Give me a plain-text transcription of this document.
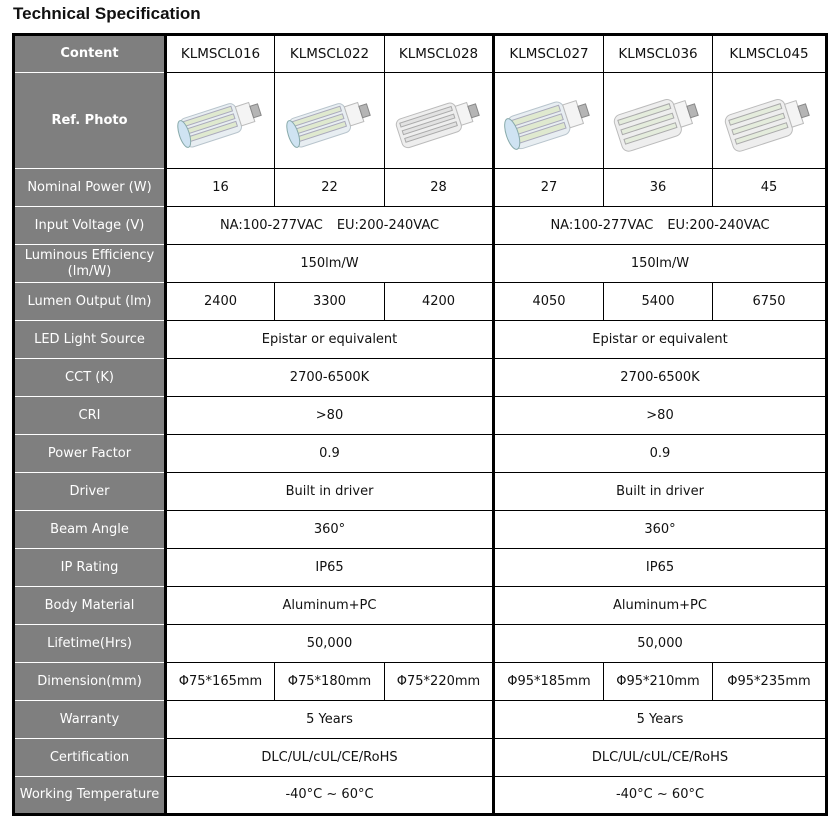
Technical Specification
Content	KLMSCL016	KLMSCL022	KLMSCL028	KLMSCL027	KLMSCL036	KLMSCL045
Ref. Photo	

Nominal Power (W)	16	22	28	27	36	45
Input Voltage (V)	NA:100-277VAC EU:200-240VAC			NA:100-277VAC EU:200-240VAC		
Luminous Efficiency (lm/W)	150lm/W			150lm/W		
Lumen Output (lm)	2400	3300	4200	4050	5400	6750
LED Light Source	Epistar or equivalent			Epistar or equivalent		
CCT (K)	2700-6500K			2700-6500K		
CRI	>80			>80		
Power Factor	0.9			0.9		
Driver	Built in driver			Built in driver		
Beam Angle	360°			360°		
IP Rating	IP65			IP65		
Body Material	Aluminum+PC			Aluminum+PC		
Lifetime(Hrs)	50,000			50,000		
Dimension(mm)	Φ75*165mm	Φ75*180mm	Φ75*220mm	Φ95*185mm	Φ95*210mm	Φ95*235mm
Warranty	5 Years			5 Years		
Certification	DLC/UL/cUL/CE/RoHS			DLC/UL/cUL/CE/RoHS		
Working Temperature	-40°C ~ 60°C			-40°C ~ 60°C		
